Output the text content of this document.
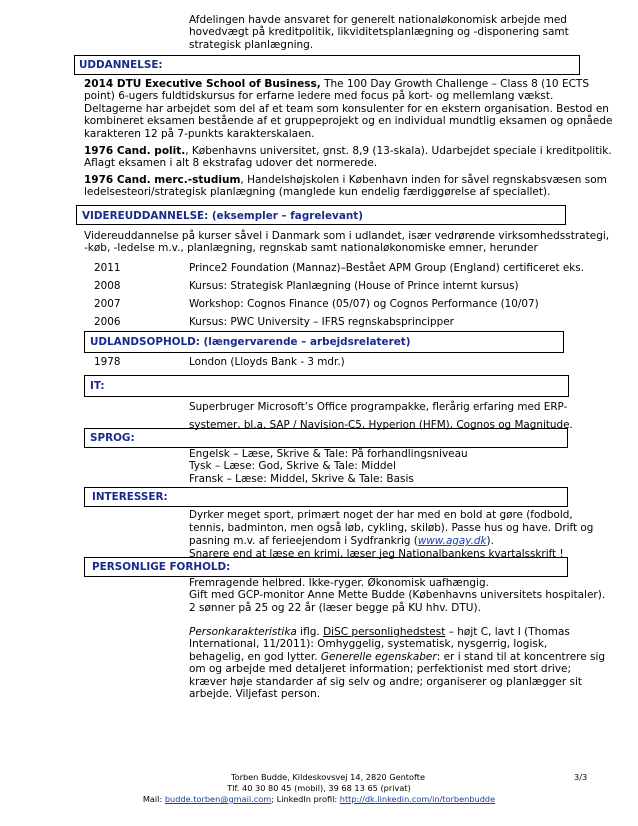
Afdelingen havde ansvaret for generelt nationaløkonomisk arbejde med
hovedvægt på kreditpolitik, likviditetsplanlægning og -disponering samt
strategisk planlægning.
UDDANNELSE:
2014 DTU Executive School of Business, The 100 Day Growth Challenge – Class 8 (10 ECTS
point) 6-ugers fuldtidskursus for erfarne ledere med focus på kort- og mellemlang vækst.
Deltagerne har arbejdet som del af et team som konsulenter for en ekstern organisation. Bestod en
kombineret eksamen bestående af et gruppeprojekt og en individual mundtlig eksamen og opnåede
karakteren 12 på 7-punkts karakterskalaen.
1976 Cand. polit., Københavns universitet, gnst. 8,9 (13-skala). Udarbejdet speciale i kreditpolitik.
Aflagt eksamen i alt 8 ekstrafag udover det normerede.
1976 Cand. merc.-studium, Handelshøjskolen i København inden for såvel regnskabsvæsen som
ledelsesteori/strategisk planlægning (manglede kun endelig færdiggørelse af speciallet).
VIDEREUDDANNELSE: (eksempler – fagrelevant)
Videreuddannelse på kurser såvel i Danmark som i udlandet, især vedrørende virksomhedsstrategi,
-køb, -ledelse m.v., planlægning, regnskab samt nationaløkonomiske emner, herunder
2011	Prince2 Foundation (Mannaz)–Bestået APM Group (England) certificeret eks.
2008	Kursus: Strategisk Planlægning (House of Prince internt kursus)
2007	Workshop: Cognos Finance (05/07) og Cognos Performance (10/07)
2006	Kursus: PWC University – IFRS regnskabsprincipper
UDLANDSOPHOLD: (længervarende – arbejdsrelateret)
1978	London (Lloyds Bank - 3 mdr.)
IT:
Superbruger Microsoft’s Office programpakke, flerårig erfaring med ERP-
systemer, bl.a. SAP / Navision-C5, Hyperion (HFM), Cognos og Magnitude.
SPROG:
Engelsk – Læse, Skrive & Tale: På forhandlingsniveau
Tysk – Læse: God, Skrive & Tale: Middel
Fransk – Læse: Middel, Skrive & Tale: Basis
INTERESSER:
Dyrker meget sport, primært noget der har med en bold at gøre (fodbold,
tennis, badminton, men også løb, cykling, skiløb). Passe hus og have. Drift og
pasning m.v. af feriеejendom i Sydfrankrig (www.agay.dk).
Snarere end at læse en krimi, læser jeg Nationalbankens kvartalsskrift !
PERSONLIGE FORHOLD:
Fremragende helbred. Ikke-ryger. Økonomisk uafhængig.
Gift med GCP-monitor Anne Mette Budde (Københavns universitets hospitaler).
2 sønner på 25 og 22 år (læser begge på KU hhv. DTU).
Personkarakteristika iflg. DiSC personlighedstest – højt C, lavt I (Thomas
International, 11/2011): Omhyggelig, systematisk, nysgerrig, logisk,
behagelig, en god lytter. Generelle egenskaber: er i stand til at koncentrere sig
om og arbejde med detaljeret information; perfektionist med stort drive;
kræver høje standarder af sig selv og andre; organiserer og planlægger sit
arbejde. Viljefast person.
Torben Budde, Kildeskovsvej 14, 2820 Gentofte	3/3
Tlf. 40 30 80 45 (mobil), 39 68 13 65 (privat)
Mail: budde.torben@gmail.com; LinkedIn profil: http://dk.linkedin.com/in/torbenbudde
